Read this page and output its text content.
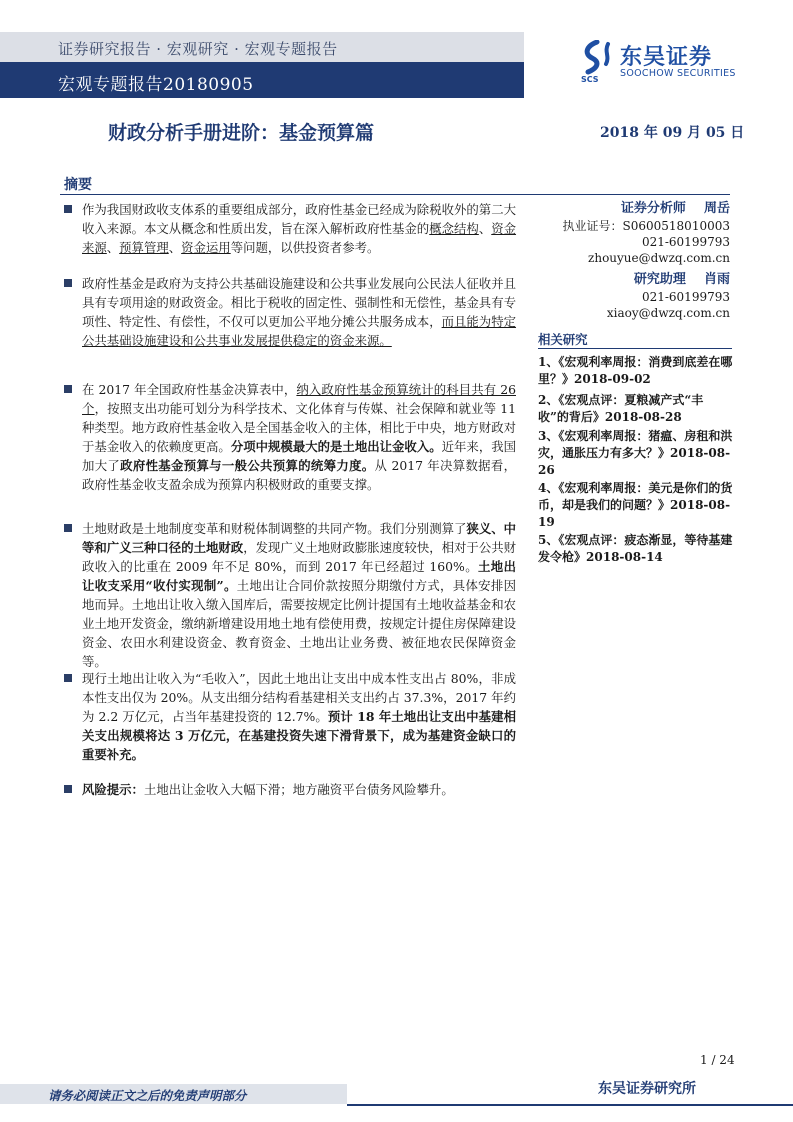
证券研究报告 · 宏观研究 · 宏观专题报告
宏观专题报告20180905	SCS
东吴证券
SOOCHOW SECURITIES
财政分析手册进阶：基金预算篇	2018 年 09 月 05 日
摘要
作为我国财政收支体系的重要组成部分，政府性基金已经成为除税收外的第二大收入来源。本文从概念和性质出发，旨在深入解析政府性基金的概念结构、资金来源、预算管理、资金运用等问题，以供投资者参考。
政府性基金是政府为支持公共基础设施建设和公共事业发展向公民法人征收并且具有专项用途的财政资金。相比于税收的固定性、强制性和无偿性，基金具有专项性、特定性、有偿性，不仅可以更加公平地分摊公共服务成本，而且能为特定公共基础设施建设和公共事业发展提供稳定的资金来源。
在 2017 年全国政府性基金决算表中，纳入政府性基金预算统计的科目共有 26 个，按照支出功能可划分为科学技术、文化体育与传媒、社会保障和就业等 11 种类型。地方政府性基金收入是全国基金收入的主体，相比于中央，地方财政对于基金收入的依赖度更高。分项中规模最大的是土地出让金收入。近年来，我国加大了政府性基金预算与一般公共预算的统筹力度。从 2017 年决算数据看，政府性基金收支盈余成为预算内积极财政的重要支撑。
土地财政是土地制度变革和财税体制调整的共同产物。我们分别测算了狭义、中等和广义三种口径的土地财政，发现广义土地财政膨胀速度较快，相对于公共财政收入的比重在 2009 年不足 80%，而到 2017 年已经超过 160%。土地出让收支采用“收付实现制”。土地出让合同价款按照分期缴付方式，具体安排因地而异。土地出让收入缴入国库后，需要按规定比例计提国有土地收益基金和农业土地开发资金，缴纳新增建设用地土地有偿使用费，按规定计提住房保障建设资金、农田水利建设资金、教育资金、土地出让业务费、被征地农民保障资金等。
现行土地出让收入为“毛收入”，因此土地出让支出中成本性支出占 80%，非成本性支出仅为 20%。从支出细分结构看基建相关支出约占 37.3%，2017 年约为 2.2 万亿元，占当年基建投资的 12.7%。预计 18 年土地出让支出中基建相关支出规模将达 3 万亿元，在基建投资失速下滑背景下，成为基建资金缺口的重要补充。
风险提示：土地出让金收入大幅下滑；地方融资平台债务风险攀升。
证券分析师 周岳
执业证号：S0600518010003
021-60199793
zhouyue@dwzq.com.cn
研究助理 肖雨
021-60199793
xiaoy@dwzq.com.cn
相关研究
1、《宏观利率周报：消费到底差在哪里？》2018-09-02
2、《宏观点评：夏粮减产式“丰收”的背后》2018-08-28
3、《宏观利率周报：猪瘟、房租和洪灾，通胀压力有多大？》2018-08-26
4、《宏观利率周报：美元是你们的货币，却是我们的问题？》2018-08-19
5、《宏观点评：疲态渐显，等待基建发令枪》2018-08-14
1 / 24
请务必阅读正文之后的免责声明部分	东吴证券研究所
